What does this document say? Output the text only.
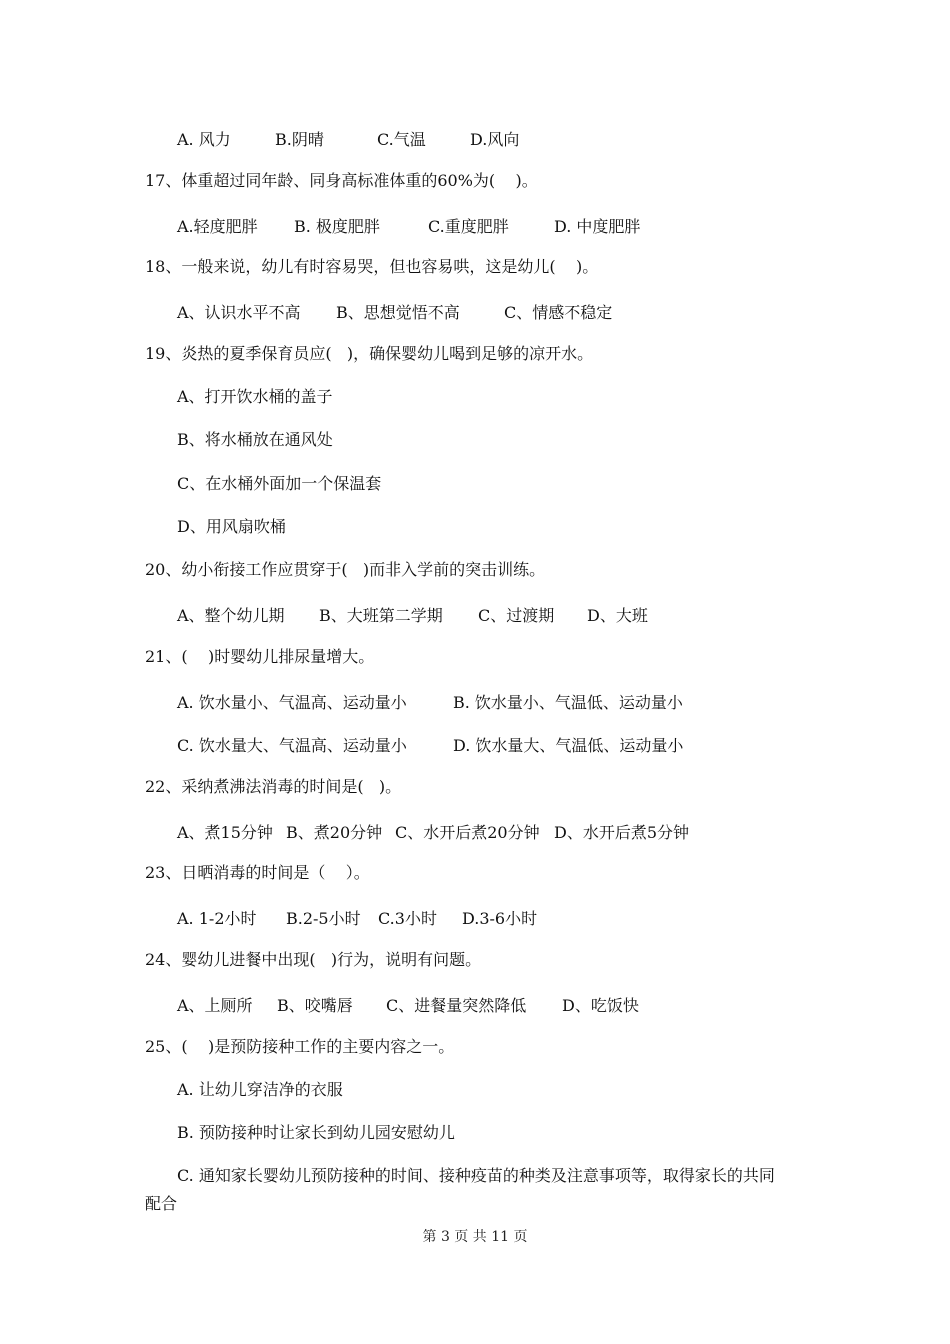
A. 风力	B.阴晴	C.气温	D.风向
17、体重超过同年龄、同身高标准体重的60%为(    )。
A.轻度肥胖 B. 极度肥胖	C.重度肥胖	D. 中度肥胖
18、一般来说，幼儿有时容易哭，但也容易哄，这是幼儿(    )。
A、认识水平不高 B、思想觉悟不高	C、情感不稳定
19、炎热的夏季保育员应(   )，确保婴幼儿喝到足够的凉开水。
A、打开饮水桶的盖子
B、将水桶放在通风处
C、在水桶外面加一个保温套
D、用风扇吹桶
20、幼小衔接工作应贯穿于(   )而非入学前的突击训练。
A、整个幼儿期 B、大班第二学期 C、过渡期 D、大班
21、(    )时婴幼儿排尿量增大。
A. 饮水量小、气温高、运动量小	B. 饮水量小、气温低、运动量小
C. 饮水量大、气温高、运动量小	D. 饮水量大、气温低、运动量小
22、采纳煮沸法消毒的时间是(   )。
A、煮15分钟 B、煮20分钟 C、水开后煮20分钟 D、水开后煮5分钟
23、日晒消毒的时间是（    ）。
A. 1-2小时 B.2-5小时 C.3小时 D.3-6小时
24、婴幼儿进餐中出现(   )行为，说明有问题。
A、上厕所 B、咬嘴唇 C、进餐量突然降低 D、吃饭快
25、(    )是预防接种工作的主要内容之一。
A. 让幼儿穿洁净的衣服
B. 预防接种时让家长到幼儿园安慰幼儿
C. 通知家长婴幼儿预防接种的时间、接种疫苗的种类及注意事项等，取得家长的共同
配合
第 3 页 共 11 页
